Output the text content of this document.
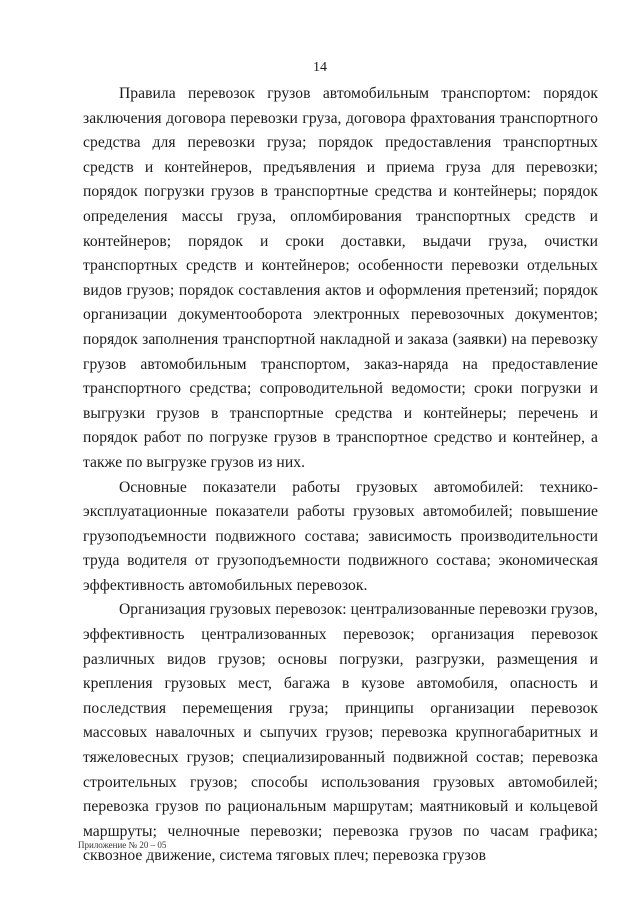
14

Правила перевозок грузов автомобильным транспортом: порядок заключения договора перевозки груза, договора фрахтования транспортного средства для перевозки груза; порядок предоставления транспортных средств и контейнеров, предъявления и приема груза для перевозки; порядок погрузки грузов в транспортные средства и контейнеры; порядок определения массы груза, опломбирования транспортных средств и контейнеров; порядок и сроки доставки, выдачи груза, очистки транспортных средств и контейнеров; особенности перевозки отдельных видов грузов; порядок составления актов и оформления претензий; порядок организации документооборота электронных перевозочных документов; порядок заполнения транспортной накладной и заказа (заявки) на перевозку грузов автомобильным транспортом, заказ-наряда на предоставление транспортного средства; сопроводительной ведомости; сроки погрузки и выгрузки грузов в транспортные средства и контейнеры; перечень и порядок работ по погрузке грузов в транспортное средство и контейнер, а также по выгрузке грузов из них.

Основные показатели работы грузовых автомобилей: технико-эксплуатационные показатели работы грузовых автомобилей; повышение грузоподъемности подвижного состава; зависимость производительности труда водителя от грузоподъемности подвижного состава; экономическая эффективность автомобильных перевозок.

Организация грузовых перевозок: централизованные перевозки грузов, эффективность централизованных перевозок; организация перевозок различных видов грузов; основы погрузки, разгрузки, размещения и крепления грузовых мест, багажа в кузове автомобиля, опасность и последствия перемещения груза; принципы организации перевозок массовых навалочных и сыпучих грузов; перевозка крупногабаритных и тяжеловесных грузов; специализированный подвижной состав; перевозка строительных грузов; способы использования грузовых автомобилей; перевозка грузов по рациональным маршрутам; маятниковый и кольцевой маршруты; челночные перевозки; перевозка грузов по часам графика; сквозное движение, система тяговых плеч; перевозка грузов

Приложение № 20 – 05
